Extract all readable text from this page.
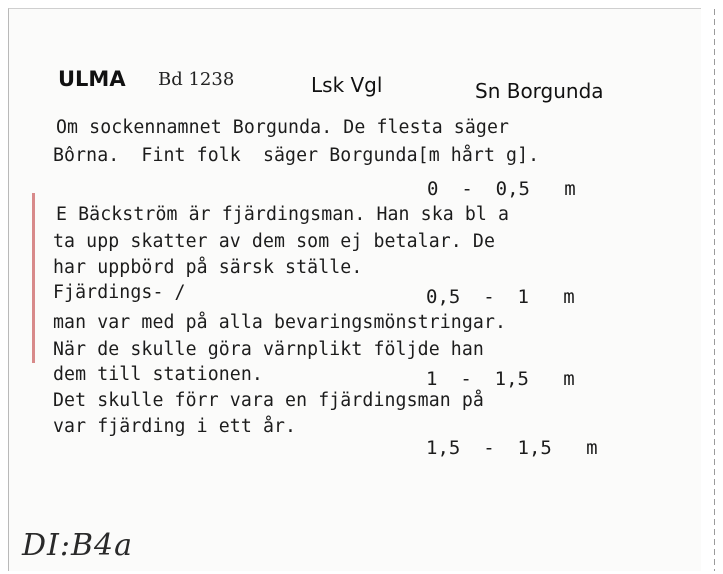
ULMA Bd 1238	Lsk Vgl	Sn Borgunda
Om sockennamnet Borgunda. De flesta säger
Bôrna.  Fint folk  säger Borgunda[m hårt g].
0  -  0,5   m
E Bäckström är fjärdingsman. Han ska bl a
ta upp skatter av dem som ej betalar. De
har uppbörd på särsk ställe.
Fjärdings- /	0,5  -  1   m
man var med på alla bevaringsmönstringar.
När de skulle göra värnplikt följde han
dem till stationen.	1  -  1,5   m
Det skulle förr vara en fjärdingsman på
var fjärding i ett år.
1,5  -  1,5   m
DI:B4a
